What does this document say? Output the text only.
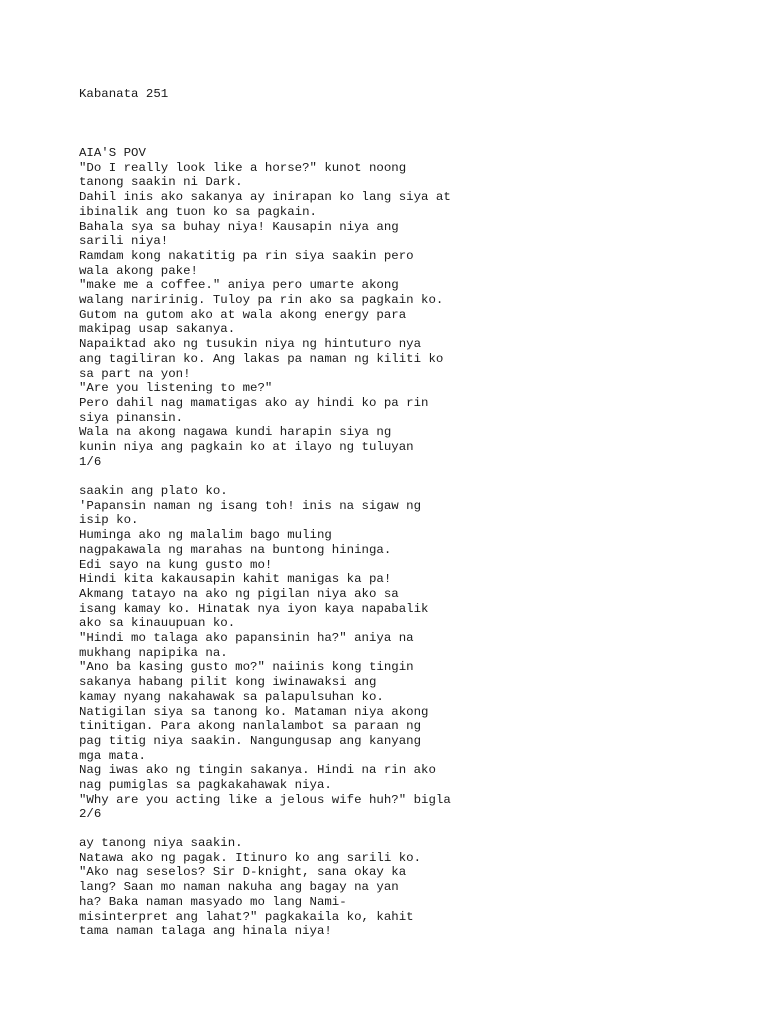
Kabanata 251
AIA'S POV
"Do I really look like a horse?" kunot noong
tanong saakin ni Dark.
Dahil inis ako sakanya ay inirapan ko lang siya at
ibinalik ang tuon ko sa pagkain.
Bahala sya sa buhay niya! Kausapin niya ang
sarili niya!
Ramdam kong nakatitig pa rin siya saakin pero
wala akong pake!
"make me a coffee." aniya pero umarte akong
walang naririnig. Tuloy pa rin ako sa pagkain ko.
Gutom na gutom ako at wala akong energy para
makipag usap sakanya.
Napaiktad ako ng tusukin niya ng hintuturo nya
ang tagiliran ko. Ang lakas pa naman ng kiliti ko
sa part na yon!
"Are you listening to me?"
Pero dahil nag mamatigas ako ay hindi ko pa rin
siya pinansin.
Wala na akong nagawa kundi harapin siya ng
kunin niya ang pagkain ko at ilayo ng tuluyan
1/6
saakin ang plato ko.
'Papansin naman ng isang toh! inis na sigaw ng
isip ko.
Huminga ako ng malalim bago muling
nagpakawala ng marahas na buntong hininga.
Edi sayo na kung gusto mo!
Hindi kita kakausapin kahit manigas ka pa!
Akmang tatayo na ako ng pigilan niya ako sa
isang kamay ko. Hinatak nya iyon kaya napabalik
ako sa kinauupuan ko.
"Hindi mo talaga ako papansinin ha?" aniya na
mukhang napipika na.
"Ano ba kasing gusto mo?" naiinis kong tingin
sakanya habang pilit kong iwinawaksi ang
kamay nyang nakahawak sa palapulsuhan ko.
Natigilan siya sa tanong ko. Mataman niya akong
tinitigan. Para akong nanlalambot sa paraan ng
pag titig niya saakin. Nangungusap ang kanyang
mga mata.
Nag iwas ako ng tingin sakanya. Hindi na rin ako
nag pumiglas sa pagkakahawak niya.
"Why are you acting like a jelous wife huh?" bigla
2/6
ay tanong niya saakin.
Natawa ako ng pagak. Itinuro ko ang sarili ko.
"Ako nag seselos? Sir D-knight, sana okay ka
lang? Saan mo naman nakuha ang bagay na yan
ha? Baka naman masyado mo lang Nami-
misinterpret ang lahat?" pagkakaila ko, kahit
tama naman talaga ang hinala niya!
